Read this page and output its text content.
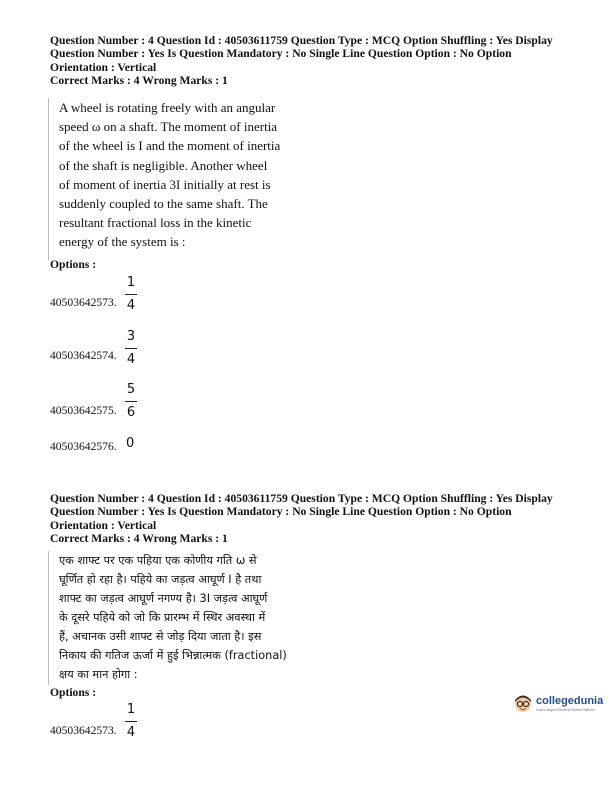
Question Number : 4 Question Id : 40503611759 Question Type : MCQ Option Shuffling : Yes Display
Question Number : Yes Is Question Mandatory : No Single Line Question Option : No Option
Orientation : Vertical
Correct Marks : 4 Wrong Marks : 1
A wheel is rotating freely with an angular
speed ω on a shaft. The moment of inertia
of the wheel is I and the moment of inertia
of the shaft is negligible. Another wheel
of moment of inertia 3I initially at rest is
suddenly coupled to the same shaft. The
resultant fractional loss in the kinetic
energy of the system is :
Options :
1
4
40503642573.
3
4
40503642574.
5
6
40503642575.
0
40503642576.
Question Number : 4 Question Id : 40503611759 Question Type : MCQ Option Shuffling : Yes Display
Question Number : Yes Is Question Mandatory : No Single Line Question Option : No Option
Orientation : Vertical
Correct Marks : 4 Wrong Marks : 1
एक शाफ्ट पर एक पहिया एक कोणीय गति ω से
घूर्णित हो रहा है। पहिये का जड़त्व आघूर्ण I है तथा
शाफ्ट का जड़त्व आघूर्ण नगण्य है। 3I जड़त्व आघूर्ण
के दूसरे पहिये को जो कि प्रारम्भ में स्थिर अवस्था में
हैं, अचानक उसी शाफ्ट से जोड़ दिया जाता है। इस
निकाय की गतिज ऊर्जा में हुई भिन्नात्मक (fractional)
क्षय का मान होगा :
Options :
1
4
40503642573.
collegedunia
India's largest Student Review Platform
